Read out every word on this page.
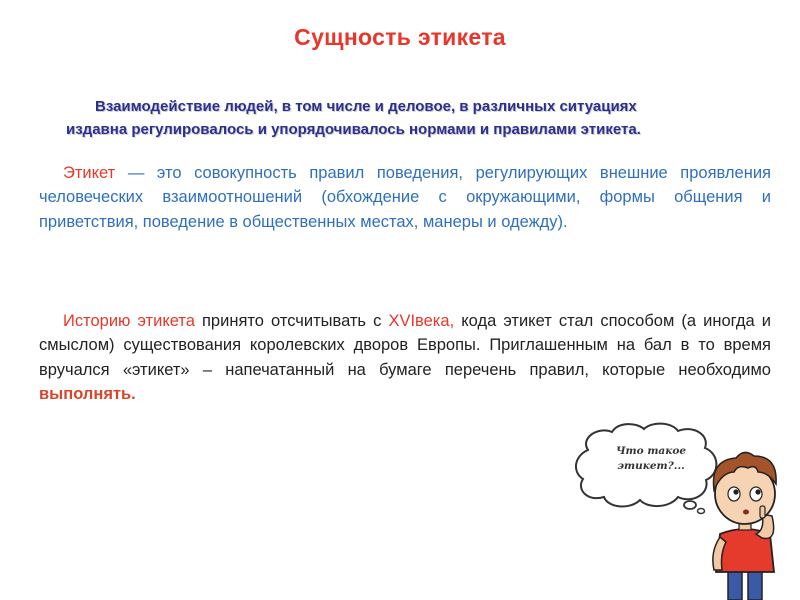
Сущность этикета

Взаимодействие людей, в том числе и деловое, в различных ситуациях

издавна регулировалось и упорядочивалось нормами и правилами этикета.

Этикет — это совокупность правил поведения, регулирующих внешние проявления человеческих взаимоотношений (обхождение с окружающими, формы общения и приветствия, поведение в общественных местах, манеры и одежду).

Историю этикета принято отсчитывать с XVIвека, кода этикет стал способом (а иногда и смыслом) существования королевских дворов Европы. Приглашенным на бал в то время вручался «этикет» – напечатанный на бумаге перечень правил, которые необходимо выполнять.

Что такое
этикет?...
